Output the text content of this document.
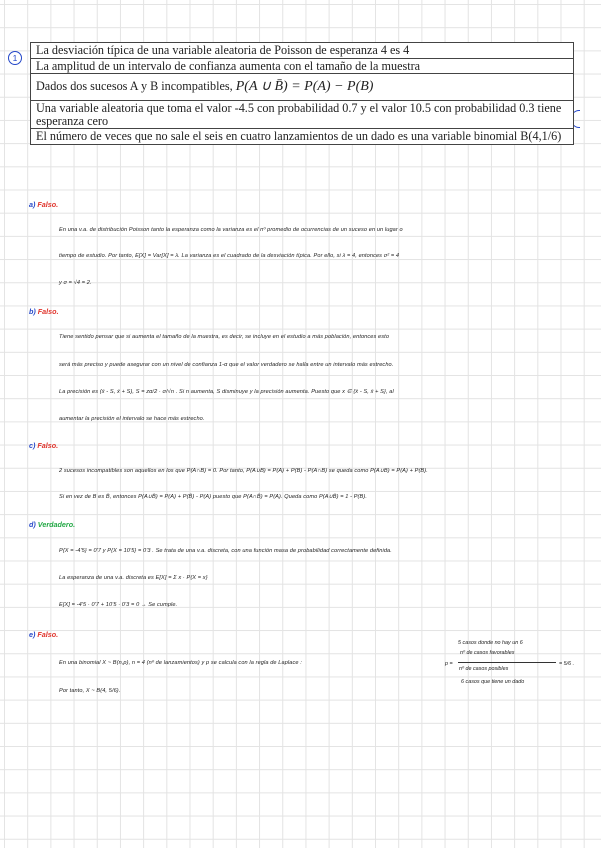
1
La desviación típica de una variable aleatoria de Poisson de esperanza 4 es 4
La amplitud de un intervalo de confianza aumenta con el tamaño de la muestra
Dados dos sucesos A y B incompatibles, P(A ∪ B̄) = P(A) − P(B)
Una variable aleatoria que toma el valor -4.5 con probabilidad 0.7 y el valor 10.5 con probabilidad 0.3 tiene esperanza cero
El número de veces que no sale el seis en cuatro lanzamientos de un dado es una variable binomial B(4,1/6)
a) Falso.
En una v.a. de distribución Poisson tanto la esperanza como la varianza es el nº promedio de ocurrencias de un suceso en un lugar o
tiempo de estudio. Por tanto, E[X] = Var[X] = λ. La varianza es el cuadrado de la desviación típica. Por ello, si λ = 4, entonces σ² = 4
y σ = √4 = 2.
b) Falso.
Tiene sentido pensar que si aumenta el tamaño de la muestra, es decir, se incluye en el estudio a más población, entonces esto
será más preciso y puede asegurar con un nivel de confianza 1-α que el valor verdadero se halla entre un intervalo más estrecho.
La precisión es (x̄ - S, x̄ + S), S = zα/2 · σ/√n . Si n aumenta, S disminuye y la precisión aumenta. Puesto que x ∈ {x̄ - S, x̄ + S}, al
aumentar la precisión el intervalo se hace más estrecho.
c) Falso.
2 sucesos incompatibles son aquellos en los que P(A∩B) = 0. Por tanto, P(A∪B) = P(A) + P(B) - P(A∩B) se queda como P(A∪B) = P(A) + P(B).
Si en vez de B es B̄, entonces P(A∪B̄) = P(A) + P(B̄) - P(A) puesto que P(A∩B̄) = P(A). Queda como P(A∪B̄) = 1 - P(B).
d) Verdadero.
P{X = -4'5} = 0'7 y P{X = 10'5} = 0'3 . Se trata de una v.a. discreta, con una función masa de probabilidad correctamente definida.
La esperanza de una v.a. discreta es E[X] = Σ x · P{X = x}
E[X] = -4'5 · 0'7 + 10'5 · 0'3 = 0 → Se cumple.
e) Falso.
En una binomial X ~ B(n,p), n = 4 (nº de lanzamientos) y p se calcula con la regla de Laplace :
Por tanto, X ~ B(4, 5/6).
5 casos donde no hay un 6
nº de casos favorables
p =
nº de casos posibles
= 5/6 .
6 casos que tiene un dado
